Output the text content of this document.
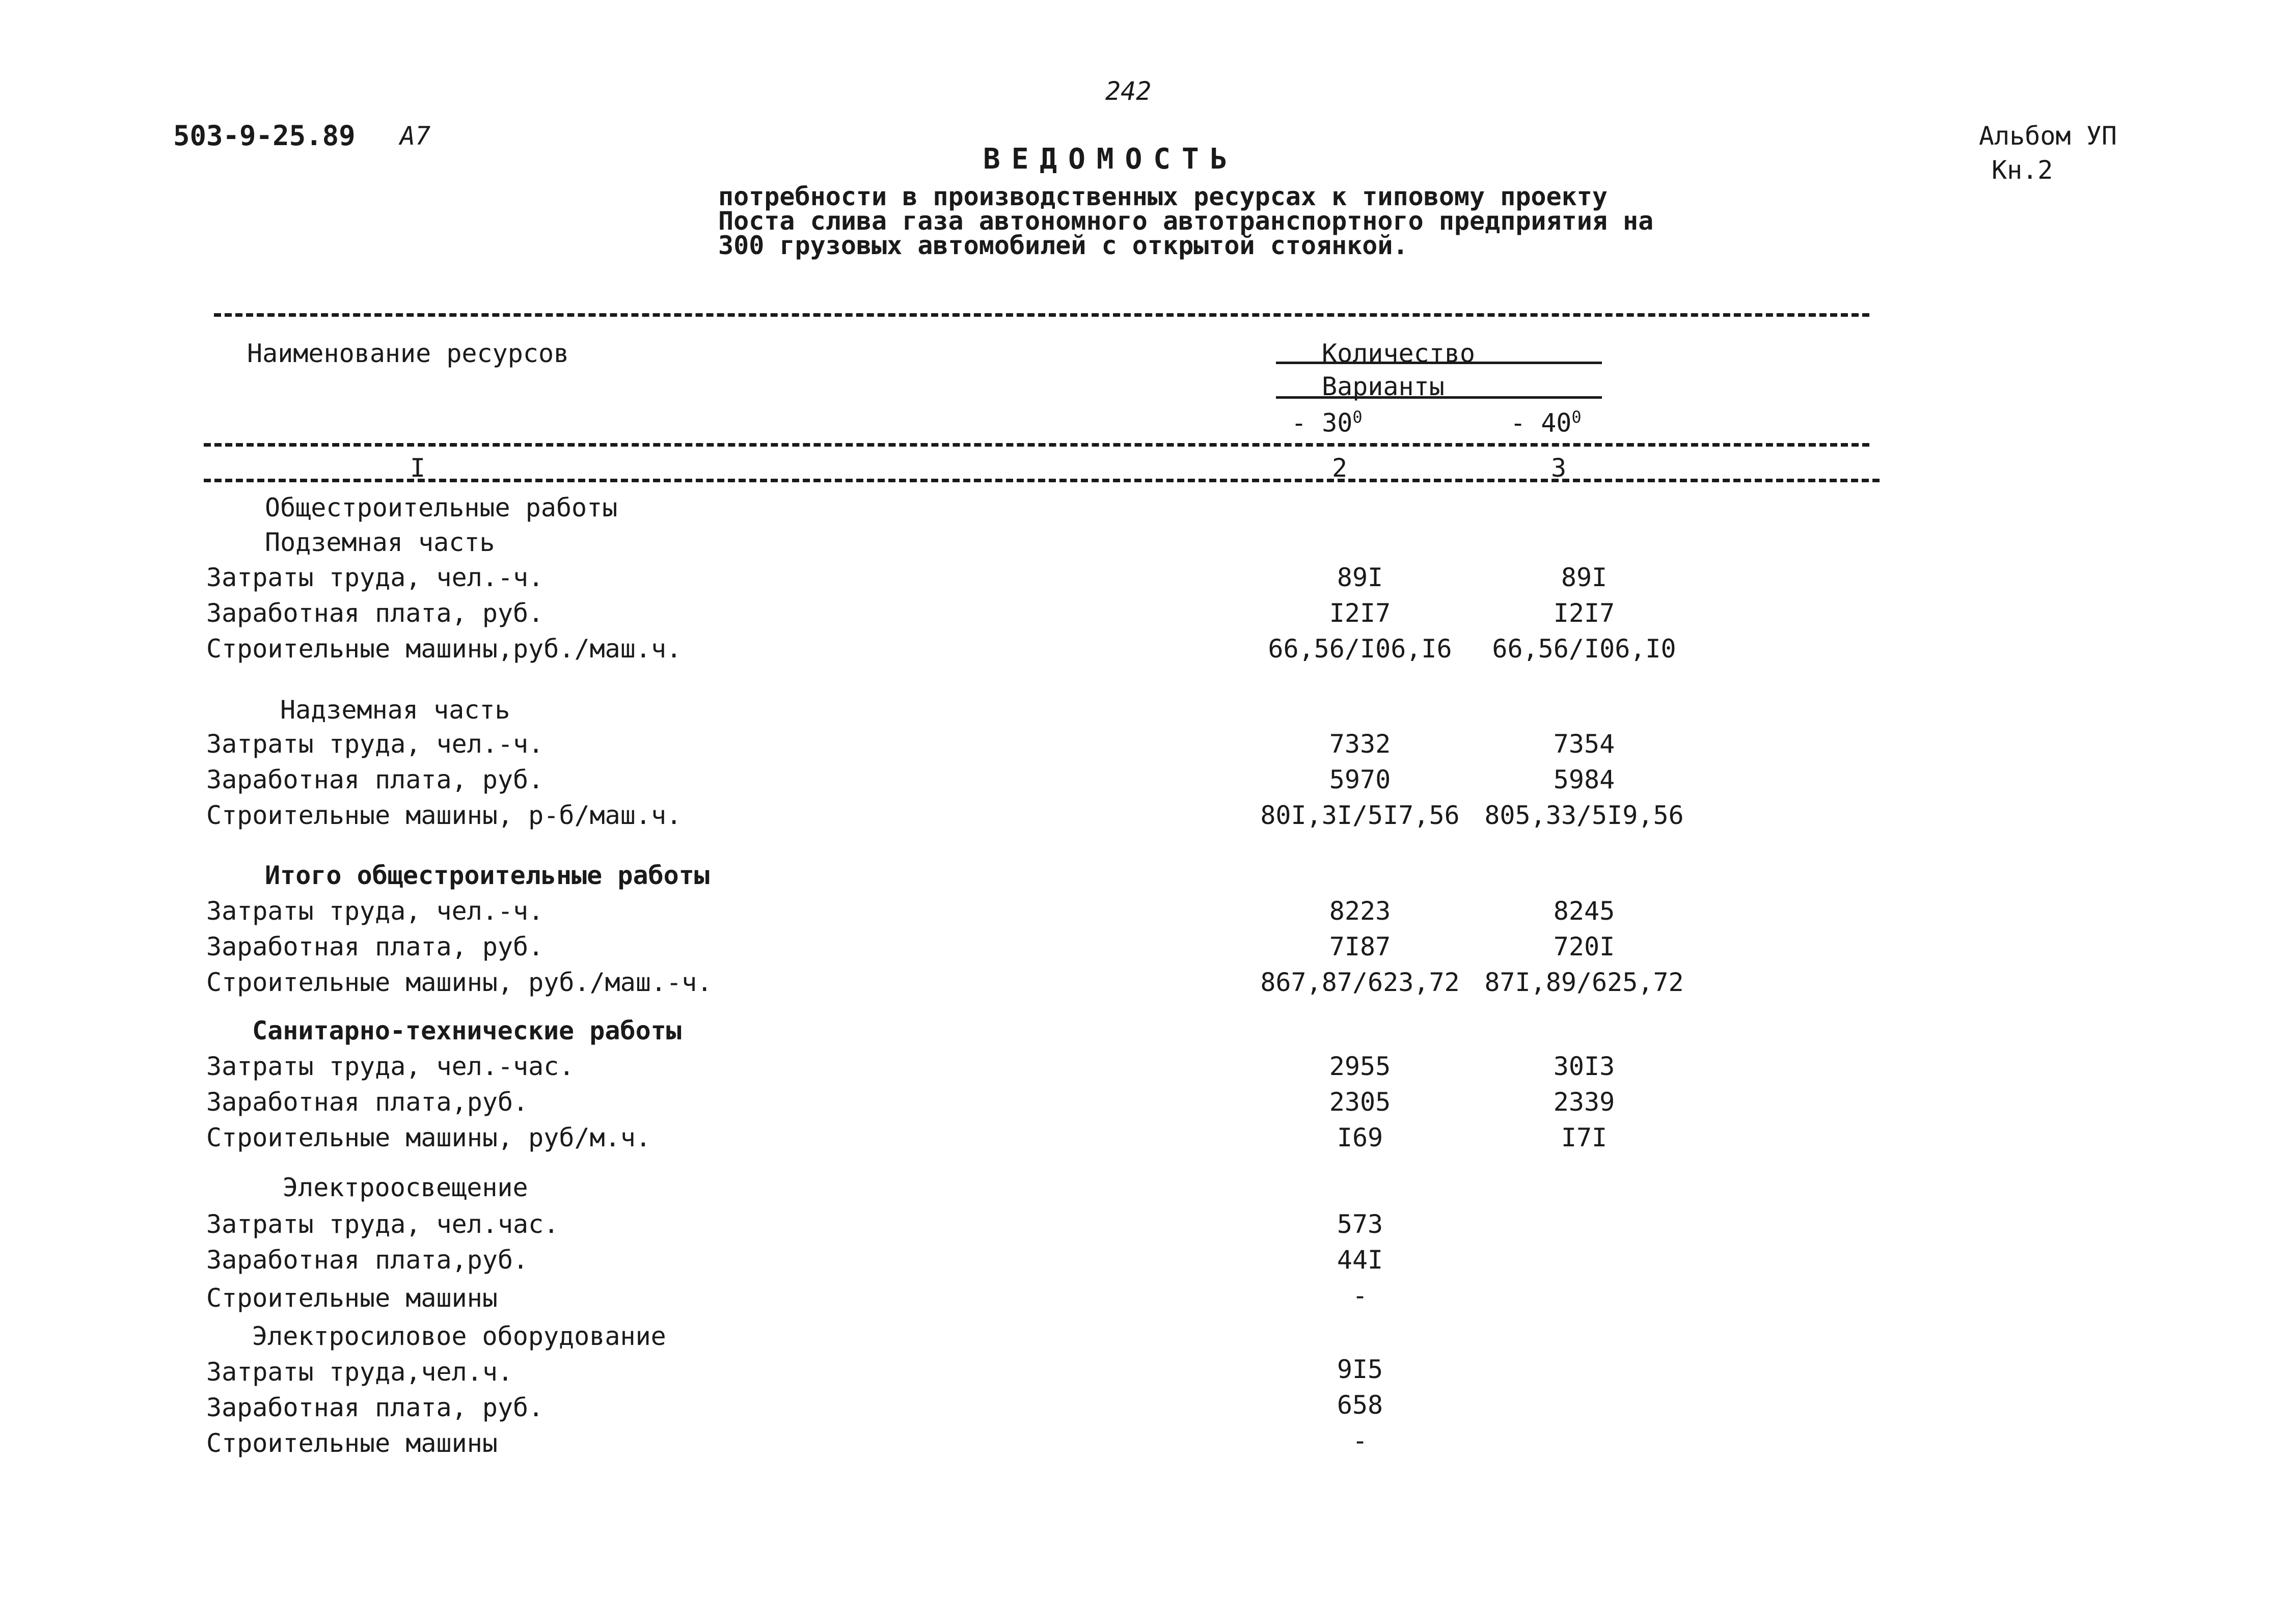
242
503-9-25.89 А7	Альбом УП
Кн.2
ВЕДОМОСТЬ
потребности в производственных ресурсах к типовому проекту
Поста слива газа автономного автотранспортного предприятия на
300 грузовых автомобилей с открытой стоянкой.
Наименование ресурсов	Количество
Варианты
- $30^0$	- $40^0$
I	2	3
Общестроительные работы
Подземная часть
Затраты труда, чел.-ч.	89I	89I
Заработная плата, руб.	I2I7	I2I7
Строительные машины,руб./маш.ч.	66,56/I06,I6	66,56/I06,I0
Надземная часть
Затраты труда, чел.-ч.	7332	7354
Заработная плата, руб.	5970	5984
Строительные машины, р-б/маш.ч.	80I,3I/5I7,56 805,33/5I9,56
Итого общестроительные работы
Затраты труда, чел.-ч.	8223	8245
Заработная плата, руб.	7I87	720I
Строительные машины, руб./маш.-ч.	867,87/623,72 87I,89/625,72
Санитарно-технические работы
Затраты труда, чел.-час.	2955	30I3
Заработная плата,руб.	2305	2339
Строительные машины, руб/м.ч.	I69	I7I
Электроосвещение
Затраты труда, чел.час.	573
Заработная плата,руб.	44I
Строительные машины	-
Электросиловое оборудование
Затраты труда,чел.ч.	9I5
Заработная плата, руб.	658
Строительные машины	-
